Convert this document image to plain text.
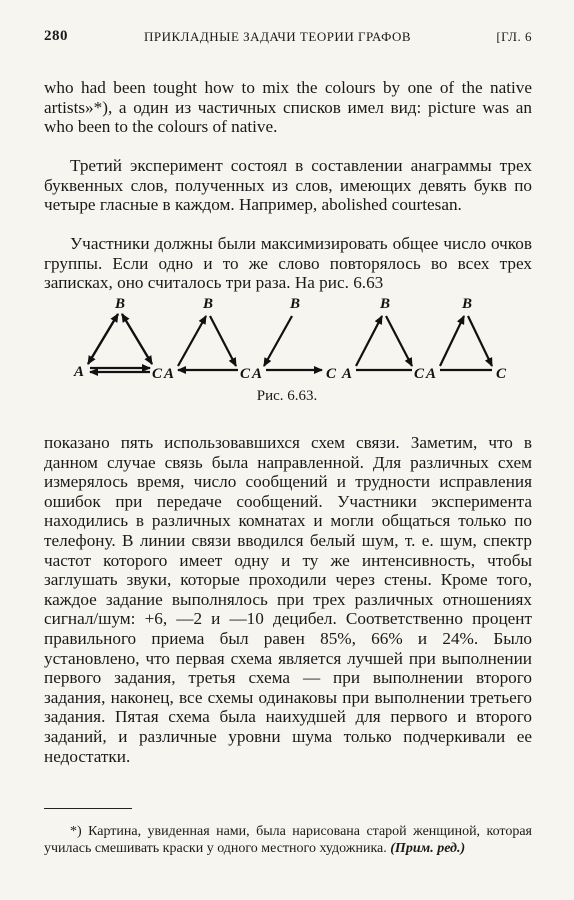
280	ПРИКЛАДНЫЕ ЗАДАЧИ ТЕОРИИ ГРАФОВ	[ГЛ. 6

who had been tought how to mix the colours by one of the native artists»*), а один из частичных списков имел вид: picture was an who been to the colours of native.

Третий эксперимент состоял в составлении анаграммы трех буквенных слов, полученных из слов, имеющих девять букв по четыре гласные в каждом. Например, abolished courtesan.

Участники должны были максимизировать общее число очков группы. Если одно и то же слово повторялось во всех трех записках, оно считалось три раза. На рис. 6.63

B
A	C
B
A	C
B
A	C
B
A	C
B
A	C
Рис. 6.63.

показано пять использовавшихся схем связи. Заметим, что в данном случае связь была направленной. Для различных схем измерялось время, число сообщений и трудности исправления ошибок при передаче сообщений. Участники эксперимента находились в различных комнатах и могли общаться только по телефону. В линии связи вводился белый шум, т. е. шум, спектр частот которого имеет одну и ту же интенсивность, чтобы заглушать звуки, которые проходили через стены. Кроме того, каждое задание выполнялось при трех различных отношениях сигнал/шум: +6, —2 и —10 децибел. Соответственно процент правильного приема был равен 85%, 66% и 24%. Было установлено, что первая схема является лучшей при выполнении первого задания, третья схема — при выполнении второго задания, наконец, все схемы одинаковы при выполнении третьего задания. Пятая схема была наихудшей для первого и второго заданий, и различные уровни шума только подчеркивали ее недостатки.

*) Картина, увиденная нами, была нарисована старой женщиной, которая училась смешивать краски у одного местного художника. (Прим. ред.)
